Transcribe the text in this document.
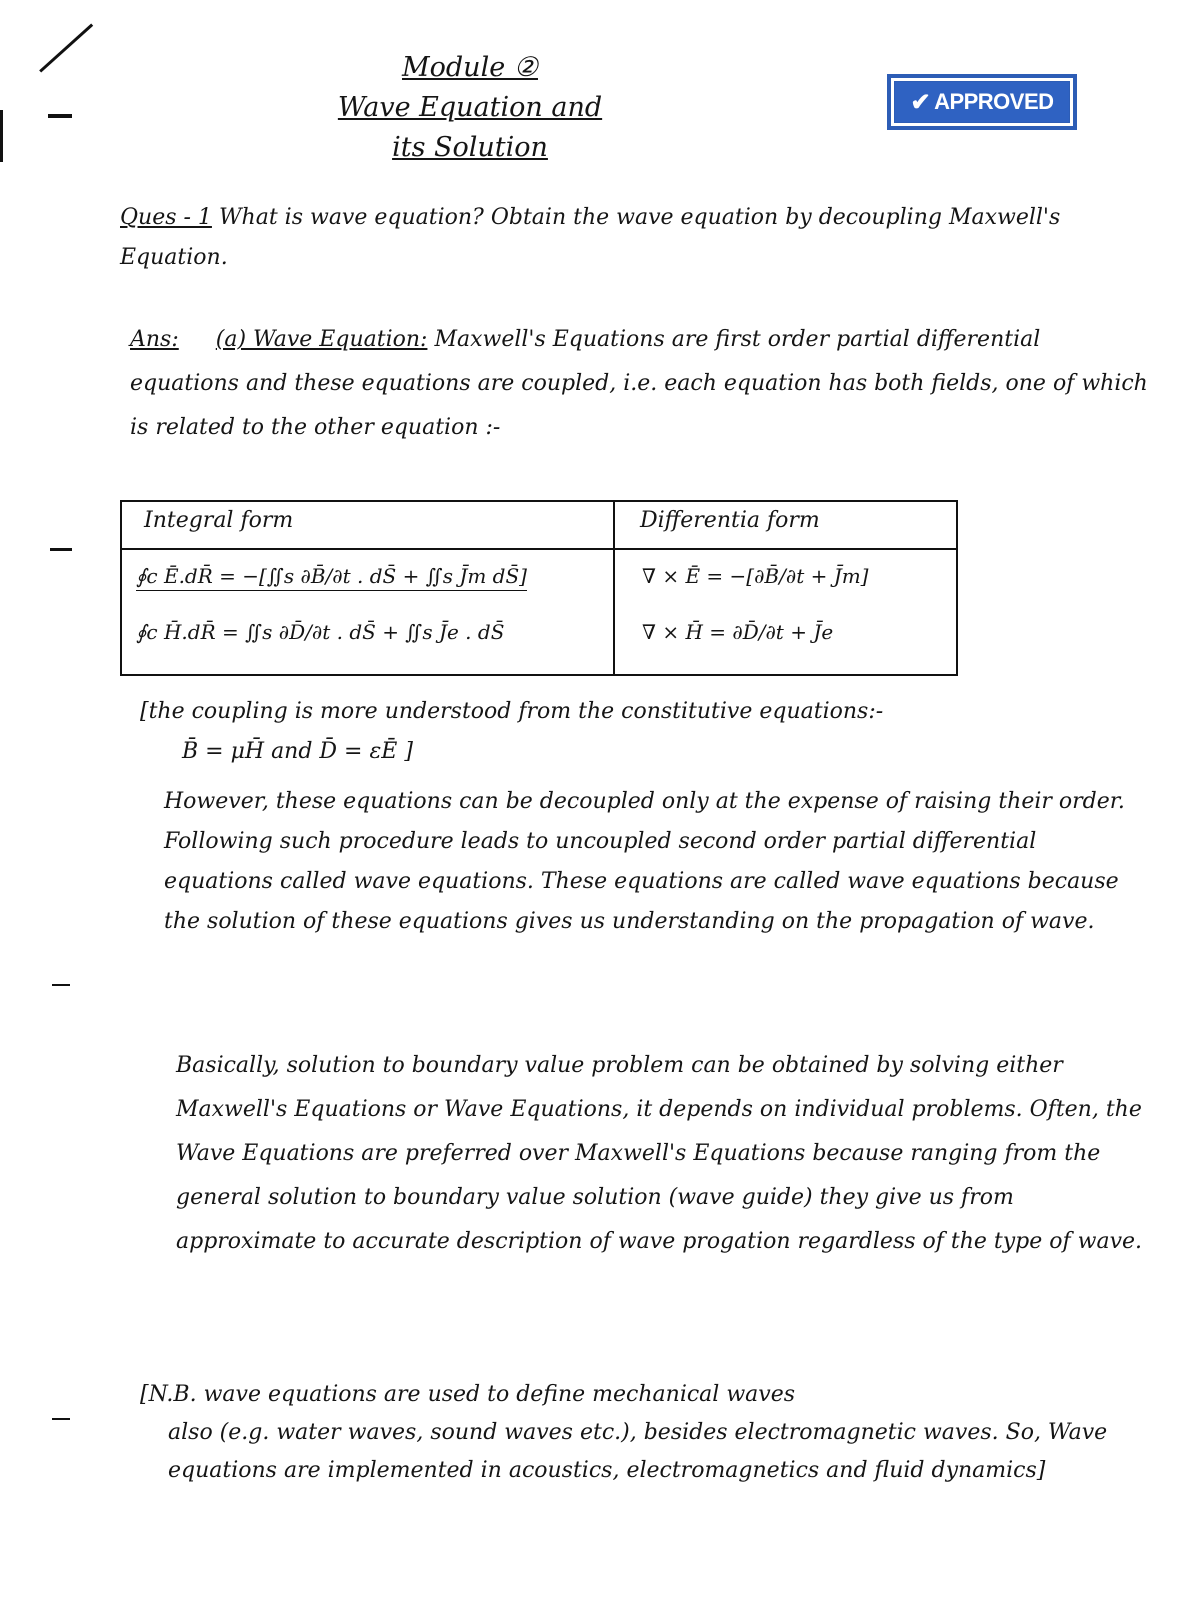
Module ②
Wave Equation and
its Solution
✔ APPROVED
Ques - 1 What is wave equation? Obtain the wave equation by decoupling Maxwell's Equation.
Ans: (a) Wave Equation: Maxwell's Equations are first order partial differential equations and these equations are coupled, i.e. each equation has both fields, one of which is related to the other equation :-
Integral form	Differentia form
∮c Ē.dR̄ = −[∬s ∂B̄/∂t . dS̄ + ∬s J̄m dS̄]
∮c H̄.dR̄ = ∬s ∂D̄/∂t . dS̄ + ∬s J̄e . dS̄
∇ × Ē = −[∂B̄/∂t + J̄m]
∇ × H̄ = ∂D̄/∂t + J̄e
[the coupling is more understood from the constitutive equations:-
B̄ = μH̄ and D̄ = εĒ ]
However, these equations can be decoupled only at the expense of raising their order. Following such procedure leads to uncoupled second order partial differential equations called wave equations. These equations are called wave equations because the solution of these equations gives us understanding on the propagation of wave.
Basically, solution to boundary value problem can be obtained by solving either Maxwell's Equations or Wave Equations, it depends on individual problems. Often, the Wave Equations are preferred over Maxwell's Equations because ranging from the general solution to boundary value solution (wave guide) they give us from approximate to accurate description of wave progation regardless of the type of wave.
[N.B. wave equations are used to define mechanical waves
also (e.g. water waves, sound waves etc.), besides electromagnetic waves. So, Wave equations are implemented in acoustics, electromagnetics and fluid dynamics]
